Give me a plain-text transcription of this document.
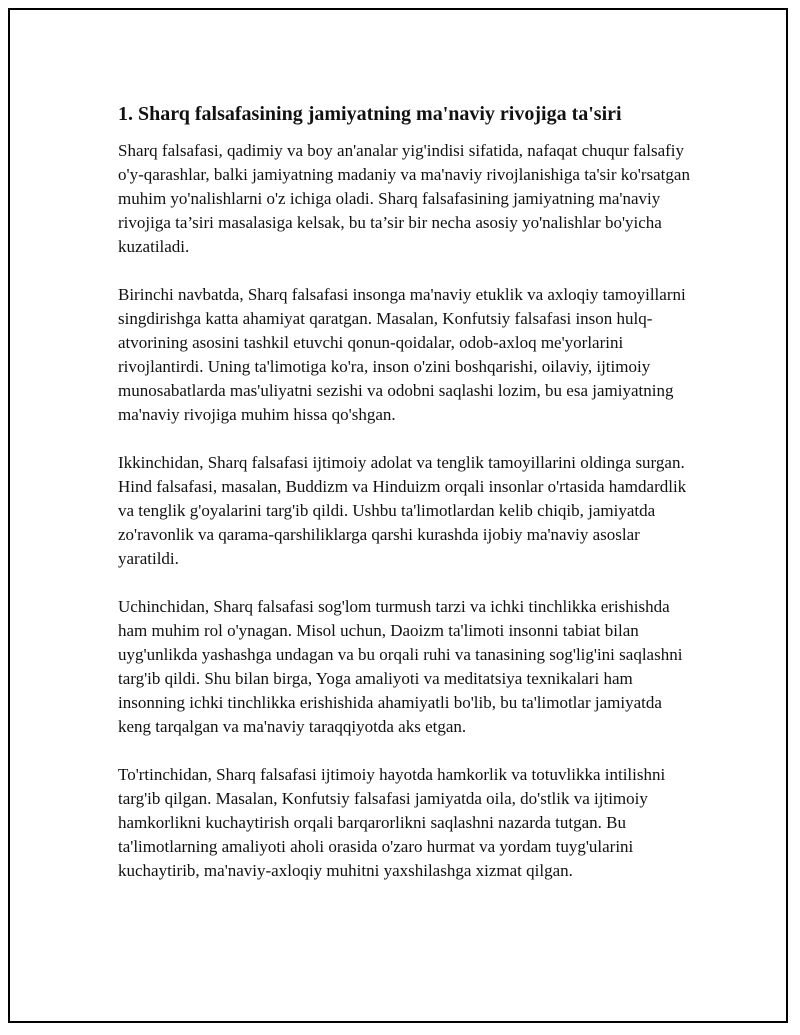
1. Sharq falsafasining jamiyatning ma'naviy rivojiga ta'siri

Sharq falsafasi, qadimiy va boy an'analar yig'indisi sifatida, nafaqat chuqur falsafiy o'y-qarashlar, balki jamiyatning madaniy va ma'naviy rivojlanishiga ta'sir ko'rsatgan muhim yo'nalishlarni o'z ichiga oladi. Sharq falsafasining jamiyatning ma'naviy rivojiga ta’siri masalasiga kelsak, bu ta’sir bir necha asosiy yo'nalishlar bo'yicha kuzatiladi.

Birinchi navbatda, Sharq falsafasi insonga ma'naviy etuklik va axloqiy tamoyillarni singdirishga katta ahamiyat qaratgan. Masalan, Konfutsiy falsafasi inson hulq-atvorining asosini tashkil etuvchi qonun-qoidalar, odob-axloq me'yorlarini rivojlantirdi. Uning ta'limotiga ko'ra, inson o'zini boshqarishi, oilaviy, ijtimoiy munosabatlarda mas'uliyatni sezishi va odobni saqlashi lozim, bu esa jamiyatning ma'naviy rivojiga muhim hissa qo'shgan.

Ikkinchidan, Sharq falsafasi ijtimoiy adolat va tenglik tamoyillarini oldinga surgan. Hind falsafasi, masalan, Buddizm va Hinduizm orqali insonlar o'rtasida hamdardlik va tenglik g'oyalarini targ'ib qildi. Ushbu ta'limotlardan kelib chiqib, jamiyatda zo'ravonlik va qarama-qarshiliklarga qarshi kurashda ijobiy ma'naviy asoslar yaratildi.

Uchinchidan, Sharq falsafasi sog'lom turmush tarzi va ichki tinchlikka erishishda ham muhim rol o'ynagan. Misol uchun, Daoizm ta'limoti insonni tabiat bilan uyg'unlikda yashashga undagan va bu orqali ruhi va tanasining sog'lig'ini saqlashni targ'ib qildi. Shu bilan birga, Yoga amaliyoti va meditatsiya texnikalari ham insonning ichki tinchlikka erishishida ahamiyatli bo'lib, bu ta'limotlar jamiyatda keng tarqalgan va ma'naviy taraqqiyotda aks etgan.

To'rtinchidan, Sharq falsafasi ijtimoiy hayotda hamkorlik va totuvlikka intilishni targ'ib qilgan. Masalan, Konfutsiy falsafasi jamiyatda oila, do'stlik va ijtimoiy hamkorlikni kuchaytirish orqali barqarorlikni saqlashni nazarda tutgan. Bu ta'limotlarning amaliyoti aholi orasida o'zaro hurmat va yordam tuyg'ularini kuchaytirib, ma'naviy-axloqiy muhitni yaxshilashga xizmat qilgan.
